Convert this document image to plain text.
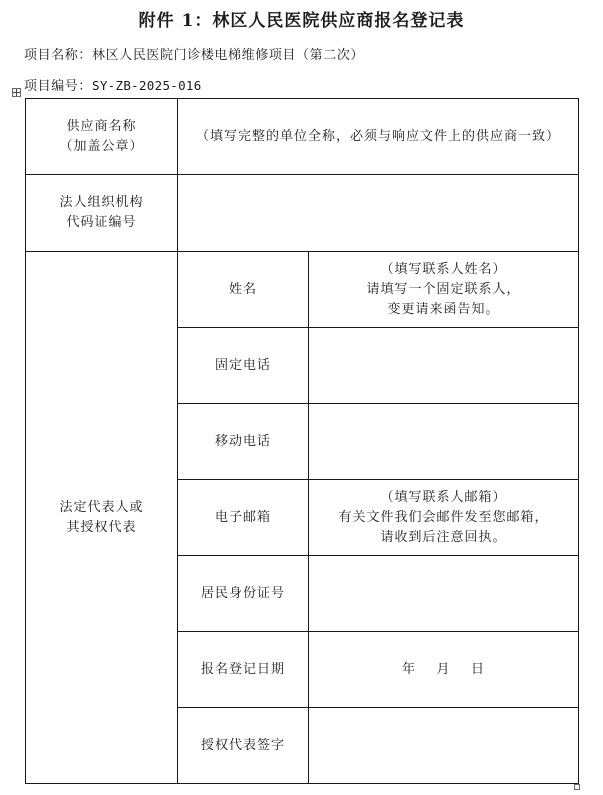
附件 1：林区人民医院供应商报名登记表
项目名称：林区人民医院门诊楼电梯维修项目（第二次）
项目编号：SY-ZB-2025-016
供应商名称
（加盖公章）	（填写完整的单位全称，必须与响应文件上的供应商一致）	

法人组织机构
代码证编号		

法定代表人或
其授权代表	姓名	（填写联系人姓名）
请填写一个固定联系人，
变更请来函告知。

	固定电话	
	移动电话	
	电子邮箱	（填写联系人邮箱）
有关文件我们会邮件发至您邮箱，
请收到后注意回执。

	居民身份证号	
	报名登记日期	年    月    日
	授权代表签字	
